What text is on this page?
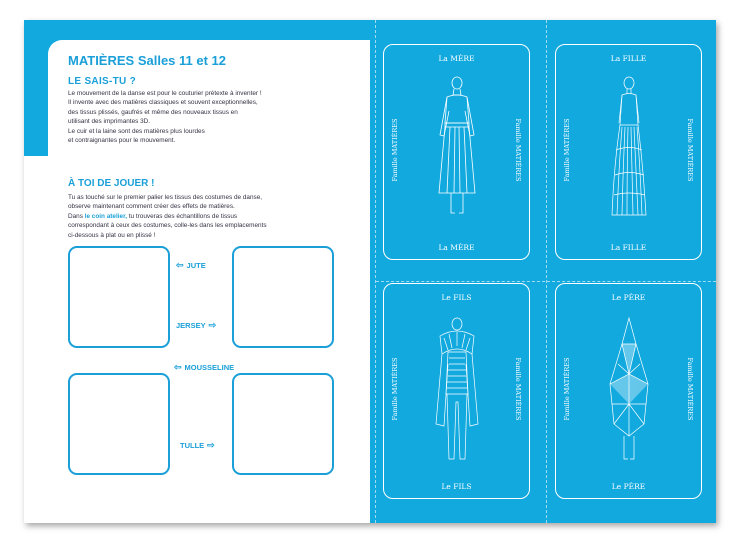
MATIÈRES Salles 11 et 12
LE SAIS-TU ?
Le mouvement de la danse est pour le couturier prétexte à inventer !
Il invente avec des matières classiques et souvent exceptionnelles,
des tissus plissés, gaufrés et même des nouveaux tissus en
utilisant des imprimantes 3D.
Le cuir et la laine sont des matières plus lourdes
et contraignantes pour le mouvement.
À TOI DE JOUER !
Tu as touché sur le premier palier les tissus des costumes de danse,
observe maintenant comment créer des effets de matières.
Dans le coin atelier, tu trouveras des échantillons de tissus
correspondant à ceux des costumes, colle-les dans les emplacements
ci-dessous à plat ou en plissé !
⇦ JUTE
JERSEY ⇨
⇦ MOUSSELINE
TULLE ⇨	✂ Découpe ton jeu de cartes des cinq familles en suivant les pointillés ✂
La MÈRE
Famille MATIÈRES	Famille MATIÈRES
La MÈRE
La FILLE
Famille MATIÈRES	Famille MATIÈRES
La FILLE
Le FILS
Famille MATIÈRES	Famille MATIÈRES
Le FILS
Le PÈRE
Famille MATIÈRES	Famille MATIÈRES
Le PÈRE
